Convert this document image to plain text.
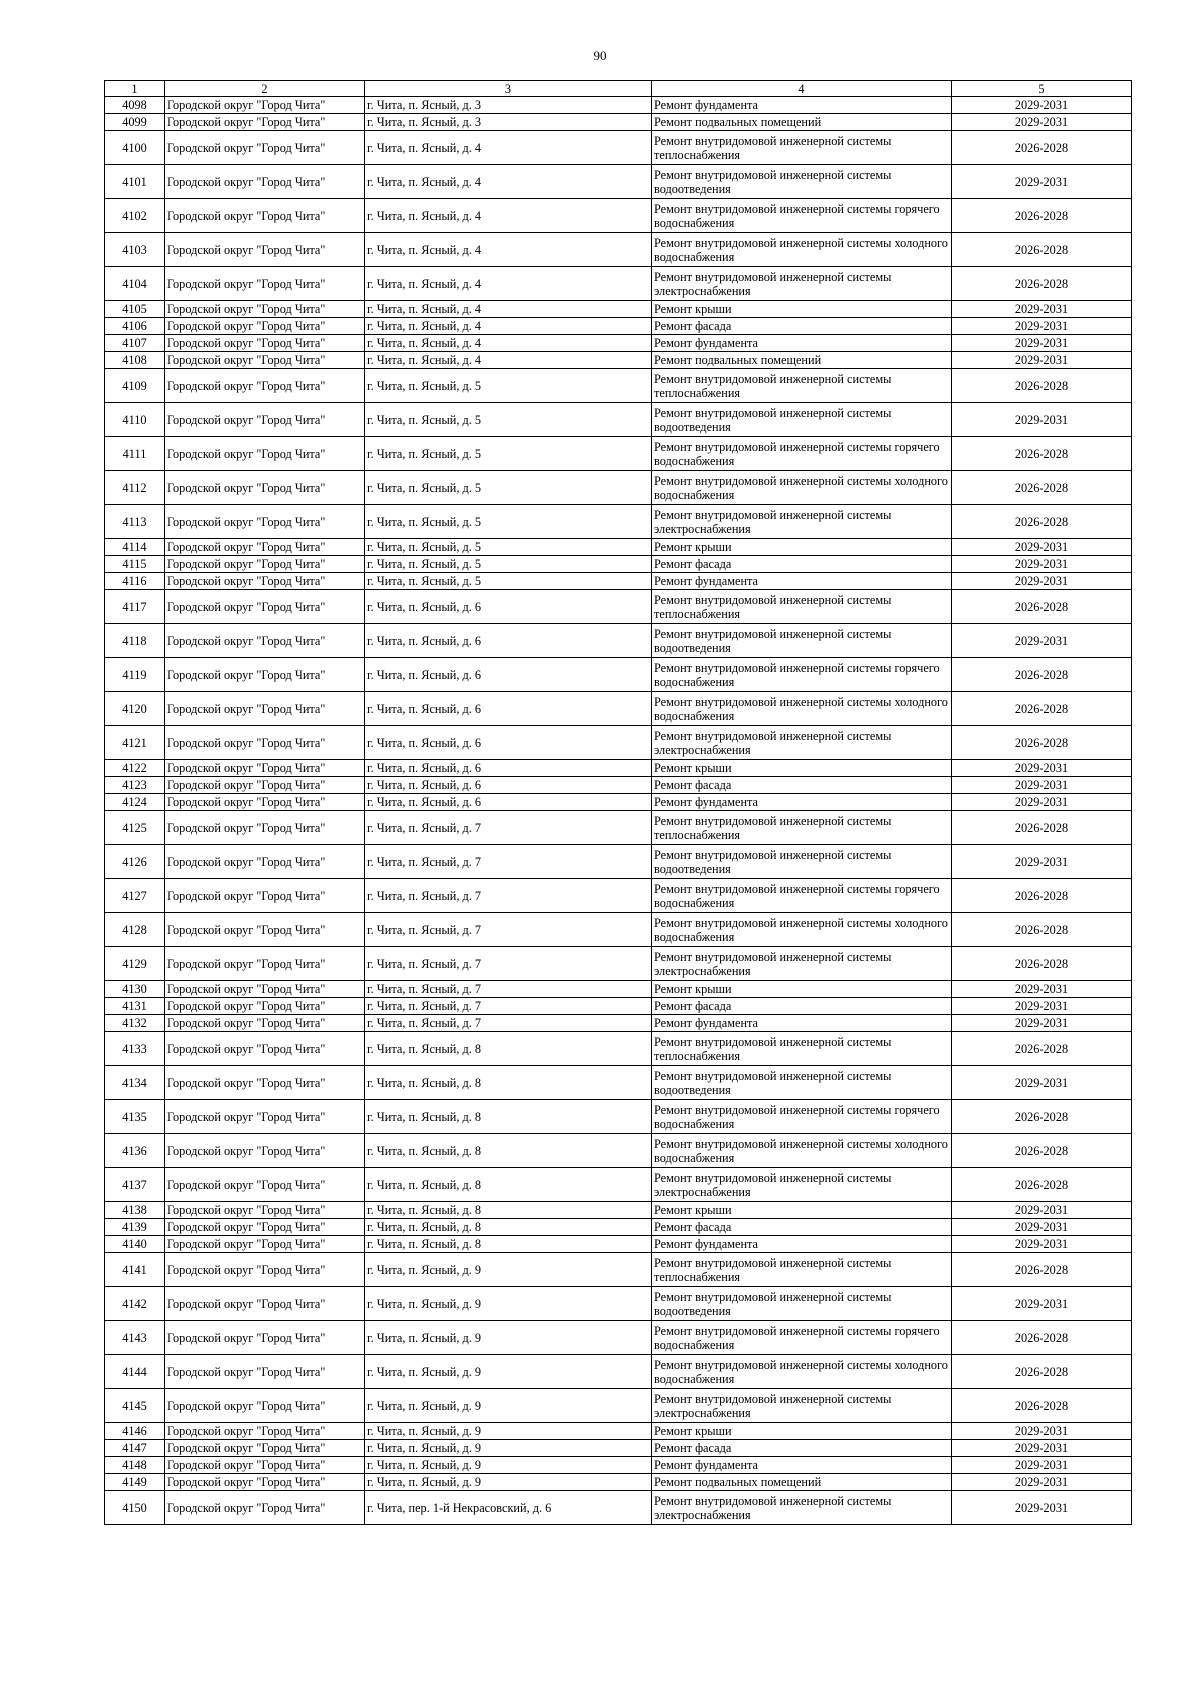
90
1	2	3	4	5
4098	Городской округ "Город Чита"	г. Чита, п. Ясный, д. 3	Ремонт фундамента	2029-2031
4099	Городской округ "Город Чита"	г. Чита, п. Ясный, д. 3	Ремонт подвальных помещений	2029-2031
4100	Городской округ "Город Чита"	г. Чита, п. Ясный, д. 4	Ремонт внутридомовой инженерной системы теплоснабжения	2026-2028
4101	Городской округ "Город Чита"	г. Чита, п. Ясный, д. 4	Ремонт внутридомовой инженерной системы водоотведения	2029-2031
4102	Городской округ "Город Чита"	г. Чита, п. Ясный, д. 4	Ремонт внутридомовой инженерной системы горячего водоснабжения	2026-2028
4103	Городской округ "Город Чита"	г. Чита, п. Ясный, д. 4	Ремонт внутридомовой инженерной системы холодного водоснабжения	2026-2028
4104	Городской округ "Город Чита"	г. Чита, п. Ясный, д. 4	Ремонт внутридомовой инженерной системы электроснабжения	2026-2028
4105	Городской округ "Город Чита"	г. Чита, п. Ясный, д. 4	Ремонт крыши	2029-2031
4106	Городской округ "Город Чита"	г. Чита, п. Ясный, д. 4	Ремонт фасада	2029-2031
4107	Городской округ "Город Чита"	г. Чита, п. Ясный, д. 4	Ремонт фундамента	2029-2031
4108	Городской округ "Город Чита"	г. Чита, п. Ясный, д. 4	Ремонт подвальных помещений	2029-2031
4109	Городской округ "Город Чита"	г. Чита, п. Ясный, д. 5	Ремонт внутридомовой инженерной системы теплоснабжения	2026-2028
4110	Городской округ "Город Чита"	г. Чита, п. Ясный, д. 5	Ремонт внутридомовой инженерной системы водоотведения	2029-2031
4111	Городской округ "Город Чита"	г. Чита, п. Ясный, д. 5	Ремонт внутридомовой инженерной системы горячего водоснабжения	2026-2028
4112	Городской округ "Город Чита"	г. Чита, п. Ясный, д. 5	Ремонт внутридомовой инженерной системы холодного водоснабжения	2026-2028
4113	Городской округ "Город Чита"	г. Чита, п. Ясный, д. 5	Ремонт внутридомовой инженерной системы электроснабжения	2026-2028
4114	Городской округ "Город Чита"	г. Чита, п. Ясный, д. 5	Ремонт крыши	2029-2031
4115	Городской округ "Город Чита"	г. Чита, п. Ясный, д. 5	Ремонт фасада	2029-2031
4116	Городской округ "Город Чита"	г. Чита, п. Ясный, д. 5	Ремонт фундамента	2029-2031
4117	Городской округ "Город Чита"	г. Чита, п. Ясный, д. 6	Ремонт внутридомовой инженерной системы теплоснабжения	2026-2028
4118	Городской округ "Город Чита"	г. Чита, п. Ясный, д. 6	Ремонт внутридомовой инженерной системы водоотведения	2029-2031
4119	Городской округ "Город Чита"	г. Чита, п. Ясный, д. 6	Ремонт внутридомовой инженерной системы горячего водоснабжения	2026-2028
4120	Городской округ "Город Чита"	г. Чита, п. Ясный, д. 6	Ремонт внутридомовой инженерной системы холодного водоснабжения	2026-2028
4121	Городской округ "Город Чита"	г. Чита, п. Ясный, д. 6	Ремонт внутридомовой инженерной системы электроснабжения	2026-2028
4122	Городской округ "Город Чита"	г. Чита, п. Ясный, д. 6	Ремонт крыши	2029-2031
4123	Городской округ "Город Чита"	г. Чита, п. Ясный, д. 6	Ремонт фасада	2029-2031
4124	Городской округ "Город Чита"	г. Чита, п. Ясный, д. 6	Ремонт фундамента	2029-2031
4125	Городской округ "Город Чита"	г. Чита, п. Ясный, д. 7	Ремонт внутридомовой инженерной системы теплоснабжения	2026-2028
4126	Городской округ "Город Чита"	г. Чита, п. Ясный, д. 7	Ремонт внутридомовой инженерной системы водоотведения	2029-2031
4127	Городской округ "Город Чита"	г. Чита, п. Ясный, д. 7	Ремонт внутридомовой инженерной системы горячего водоснабжения	2026-2028
4128	Городской округ "Город Чита"	г. Чита, п. Ясный, д. 7	Ремонт внутридомовой инженерной системы холодного водоснабжения	2026-2028
4129	Городской округ "Город Чита"	г. Чита, п. Ясный, д. 7	Ремонт внутридомовой инженерной системы электроснабжения	2026-2028
4130	Городской округ "Город Чита"	г. Чита, п. Ясный, д. 7	Ремонт крыши	2029-2031
4131	Городской округ "Город Чита"	г. Чита, п. Ясный, д. 7	Ремонт фасада	2029-2031
4132	Городской округ "Город Чита"	г. Чита, п. Ясный, д. 7	Ремонт фундамента	2029-2031
4133	Городской округ "Город Чита"	г. Чита, п. Ясный, д. 8	Ремонт внутридомовой инженерной системы теплоснабжения	2026-2028
4134	Городской округ "Город Чита"	г. Чита, п. Ясный, д. 8	Ремонт внутридомовой инженерной системы водоотведения	2029-2031
4135	Городской округ "Город Чита"	г. Чита, п. Ясный, д. 8	Ремонт внутридомовой инженерной системы горячего водоснабжения	2026-2028
4136	Городской округ "Город Чита"	г. Чита, п. Ясный, д. 8	Ремонт внутридомовой инженерной системы холодного водоснабжения	2026-2028
4137	Городской округ "Город Чита"	г. Чита, п. Ясный, д. 8	Ремонт внутридомовой инженерной системы электроснабжения	2026-2028
4138	Городской округ "Город Чита"	г. Чита, п. Ясный, д. 8	Ремонт крыши	2029-2031
4139	Городской округ "Город Чита"	г. Чита, п. Ясный, д. 8	Ремонт фасада	2029-2031
4140	Городской округ "Город Чита"	г. Чита, п. Ясный, д. 8	Ремонт фундамента	2029-2031
4141	Городской округ "Город Чита"	г. Чита, п. Ясный, д. 9	Ремонт внутридомовой инженерной системы теплоснабжения	2026-2028
4142	Городской округ "Город Чита"	г. Чита, п. Ясный, д. 9	Ремонт внутридомовой инженерной системы водоотведения	2029-2031
4143	Городской округ "Город Чита"	г. Чита, п. Ясный, д. 9	Ремонт внутридомовой инженерной системы горячего водоснабжения	2026-2028
4144	Городской округ "Город Чита"	г. Чита, п. Ясный, д. 9	Ремонт внутридомовой инженерной системы холодного водоснабжения	2026-2028
4145	Городской округ "Город Чита"	г. Чита, п. Ясный, д. 9	Ремонт внутридомовой инженерной системы электроснабжения	2026-2028
4146	Городской округ "Город Чита"	г. Чита, п. Ясный, д. 9	Ремонт крыши	2029-2031
4147	Городской округ "Город Чита"	г. Чита, п. Ясный, д. 9	Ремонт фасада	2029-2031
4148	Городской округ "Город Чита"	г. Чита, п. Ясный, д. 9	Ремонт фундамента	2029-2031
4149	Городской округ "Город Чита"	г. Чита, п. Ясный, д. 9	Ремонт подвальных помещений	2029-2031
4150	Городской округ "Город Чита"	г. Чита, пер. 1-й Некрасовский, д. 6	Ремонт внутридомовой инженерной системы электроснабжения	2029-2031
